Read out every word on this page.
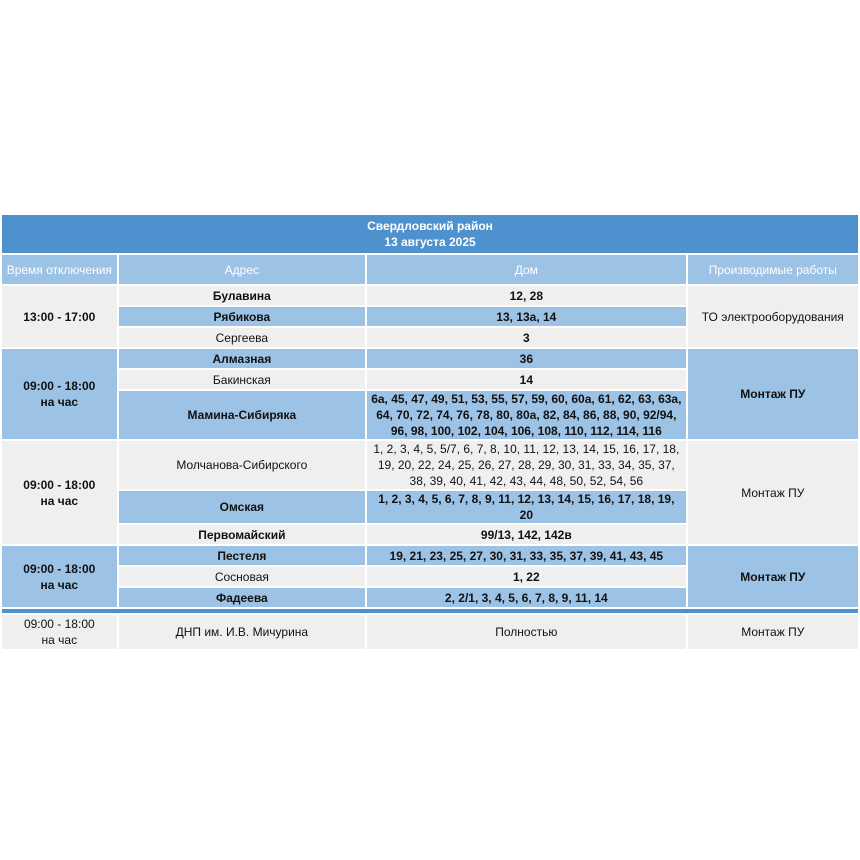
Свердловский район
13 августа 2025			

Время отключения	Адрес	Дом	Производимые работы

13:00 - 17:00	Булавина	12, 28	ТО электрооборудования
	Рябикова	13, 13а, 14	
	Сергеева	3	

09:00 - 18:00
на час	Алмазная	36	Монтаж ПУ
	Бакинская	14	
	Мамина-Сибиряка	6а, 45, 47, 49, 51, 53, 55, 57, 59, 60, 60а, 61, 62, 63, 63а, 64, 70, 72, 74, 76, 78, 80, 80а, 82, 84, 86, 88, 90, 92/94, 96, 98, 100, 102, 104, 106, 108, 110, 112, 114, 116	

09:00 - 18:00
на час	Молчанова-Сибирского	1, 2, 3, 4, 5, 5/7, 6, 7, 8, 10, 11, 12, 13, 14, 15, 16, 17, 18, 19, 20, 22, 24, 25, 26, 27, 28, 29, 30, 31, 33, 34, 35, 37, 38, 39, 40, 41, 42, 43, 44, 48, 50, 52, 54, 56	Монтаж ПУ
	Омская	1, 2, 3, 4, 5, 6, 7, 8, 9, 11, 12, 13, 14, 15, 16, 17, 18, 19, 20	
	Первомайский	99/13, 142, 142в	

09:00 - 18:00
на час	Пестеля	19, 21, 23, 25, 27, 30, 31, 33, 35, 37, 39, 41, 43, 45	Монтаж ПУ
	Сосновая	1, 22	
	Фадеева	2, 2/1, 3, 4, 5, 6, 7, 8, 9, 11, 14	

09:00 - 18:00
на час	ДНП им. И.В. Мичурина	Полностью	Монтаж ПУ
